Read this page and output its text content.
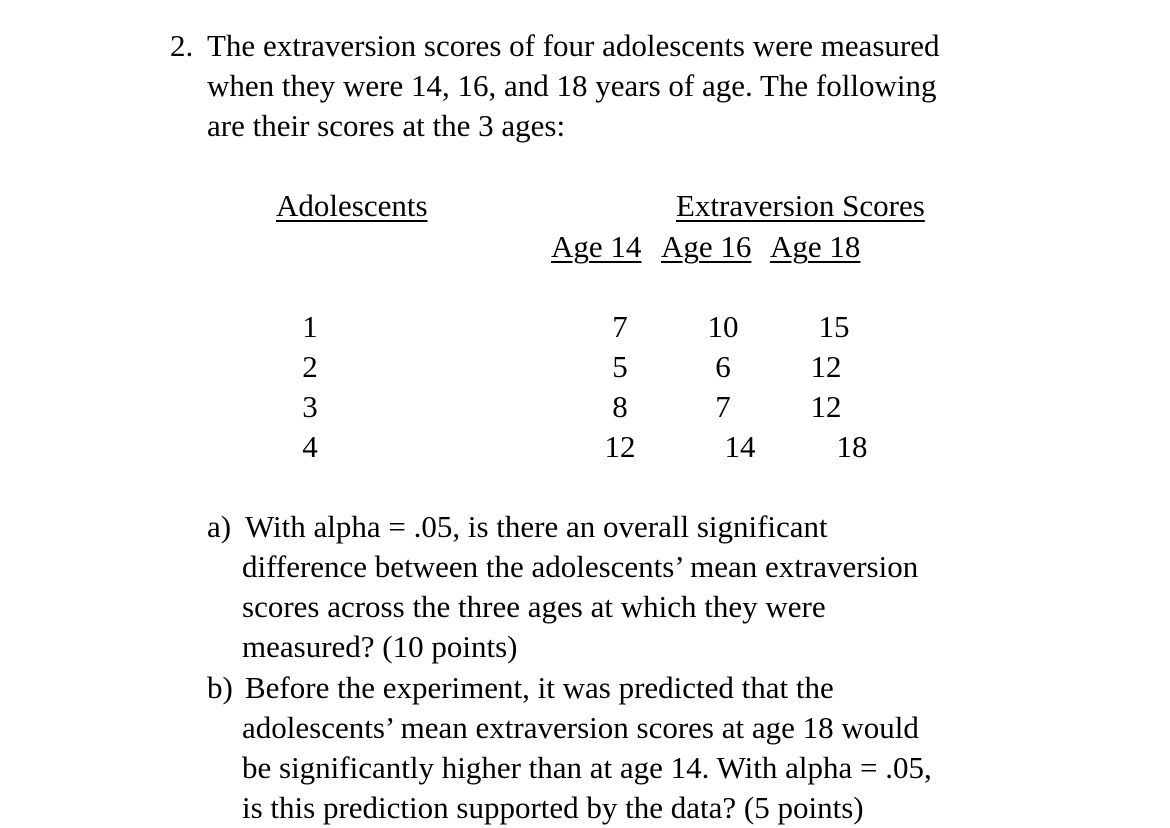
2. The extraversion scores of four adolescents were measured
when they were 14, 16, and 18 years of age. The following
are their scores at the 3 ages:
Adolescents	Extraversion Scores
Age 14 Age 16 Age 18
1	7	10	15
2	5	6	12
3	8	7	12
4	12	14	18
a) With alpha = .05, is there an overall significant
difference between the adolescents’ mean extraversion
scores across the three ages at which they were
measured? (10 points)
b) Before the experiment, it was predicted that the
adolescents’ mean extraversion scores at age 18 would
be significantly higher than at age 14. With alpha = .05,
is this prediction supported by the data? (5 points)
